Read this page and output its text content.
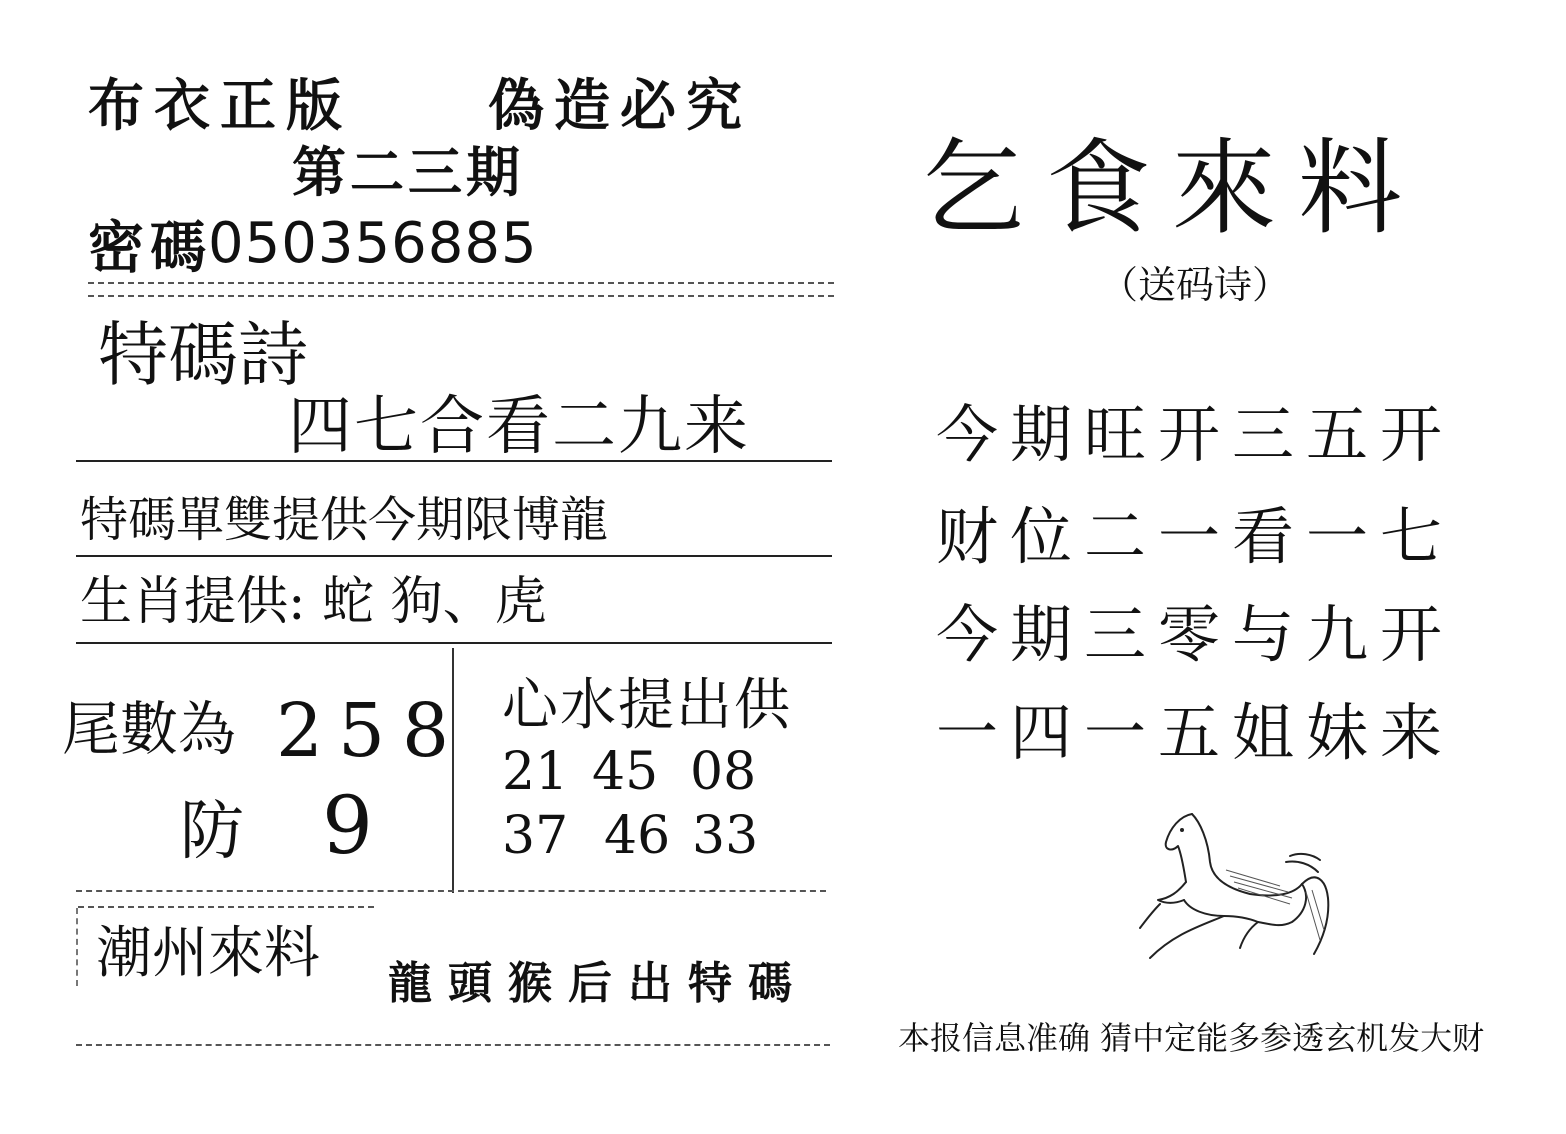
布衣正版 偽造必究
第二三期
密碼
050356885
特碼詩
四七合看二九来
特碼單雙提供今期限博龍
生肖提供: 蛇 狗、虎
尾數為 2 5 8
防 9
心水提出供
21 45 08
37 46 33
潮州來料 龍頭猴后出特碼
乞食來料
（送码诗）
今期旺开三五开
财位二一看一七
今期三零与九开
一四一五姐妹来
本报信息准确 猜中定能多参透玄机发大财
